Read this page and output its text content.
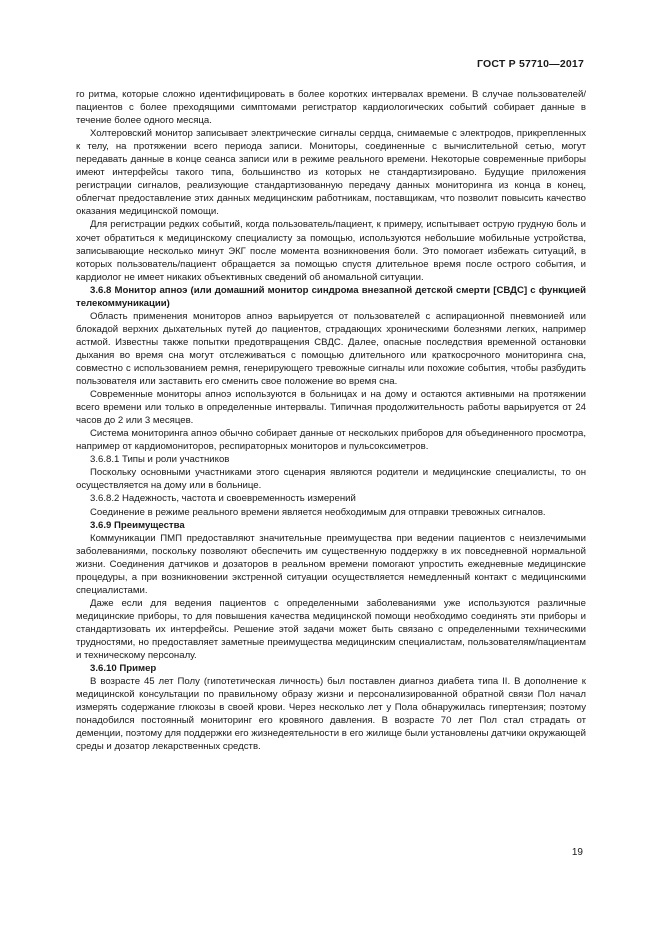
ГОСТ Р 57710—2017

го ритма, которые сложно идентифицировать в более коротких интервалах времени. В случае пользователей/пациентов с более преходящими симптомами регистратор кардиологических событий собирает данные в течение более одного месяца.

Холтеровский монитор записывает электрические сигналы сердца, снимаемые с электродов, прикрепленных к телу, на протяжении всего периода записи. Мониторы, соединенные с вычислительной сетью, могут передавать данные в конце сеанса записи или в режиме реального времени. Некоторые современные приборы имеют интерфейсы такого типа, большинство из которых не стандартизировано. Будущие приложения регистрации сигналов, реализующие стандартизованную передачу данных мониторинга из конца в конец, облегчат предоставление этих данных медицинским работникам, поставщикам, что позволит повысить качество оказания медицинской помощи.

Для регистрации редких событий, когда пользователь/пациент, к примеру, испытывает острую грудную боль и хочет обратиться к медицинскому специалисту за помощью, используются небольшие мобильные устройства, записывающие несколько минут ЭКГ после момента возникновения боли. Это помогает избежать ситуаций, в которых пользователь/пациент обращается за помощью спустя длительное время после острого события, и кардиолог не имеет никаких объективных сведений об аномальной ситуации.

3.6.8 Монитор апноэ (или домашний монитор синдрома внезапной детской смерти [СВДС] с функцией телекоммуникации)

Область применения мониторов апноэ варьируется от пользователей с аспирационной пневмонией или блокадой верхних дыхательных путей до пациентов, страдающих хроническими болезнями легких, например астмой. Известны также попытки предотвращения СВДС. Далее, опасные последствия временной остановки дыхания во время сна могут отслеживаться с помощью длительного или краткосрочного мониторинга сна, совместно с использованием ремня, генерирующего тревожные сигналы или похожие события, чтобы разбудить пользователя или заставить его сменить свое положение во время сна.

Современные мониторы апноэ используются в больницах и на дому и остаются активными на протяжении всего времени или только в определенные интервалы. Типичная продолжительность работы варьируется от 24 часов до 2 или 3 месяцев.

Система мониторинга апноэ обычно собирает данные от нескольких приборов для объединенного просмотра, например от кардиомониторов, респираторных мониторов и пульсоксиметров.

3.6.8.1 Типы и роли участников

Поскольку основными участниками этого сценария являются родители и медицинские специалисты, то он осуществляется на дому или в больнице.

3.6.8.2 Надежность, частота и своевременность измерений

Соединение в режиме реального времени является необходимым для отправки тревожных сигналов.

3.6.9 Преимущества

Коммуникации ПМП предоставляют значительные преимущества при ведении пациентов с неизлечимыми заболеваниями, поскольку позволяют обеспечить им существенную поддержку в их повседневной нормальной жизни. Соединения датчиков и дозаторов в реальном времени помогают упростить ежедневные медицинские процедуры, а при возникновении экстренной ситуации осуществляется немедленный контакт с медицинскими специалистами.

Даже если для ведения пациентов с определенными заболеваниями уже используются различные медицинские приборы, то для повышения качества медицинской помощи необходимо соединять эти приборы и стандартизовать их интерфейсы. Решение этой задачи может быть связано с определенными техническими трудностями, но предоставляет заметные преимущества медицинским специалистам, пользователям/пациентам и техническому персоналу.

3.6.10 Пример

В возрасте 45 лет Полу (гипотетическая личность) был поставлен диагноз диабета типа II. В дополнение к медицинской консультации по правильному образу жизни и персонализированной обратной связи Пол начал измерять содержание глюкозы в своей крови. Через несколько лет у Пола обнаружилась гипертензия; поэтому понадобился постоянный мониторинг его кровяного давления. В возрасте 70 лет Пол стал страдать от деменции, поэтому для поддержки его жизнедеятельности в его жилище были установлены датчики окружающей среды и дозатор лекарственных средств.

19
